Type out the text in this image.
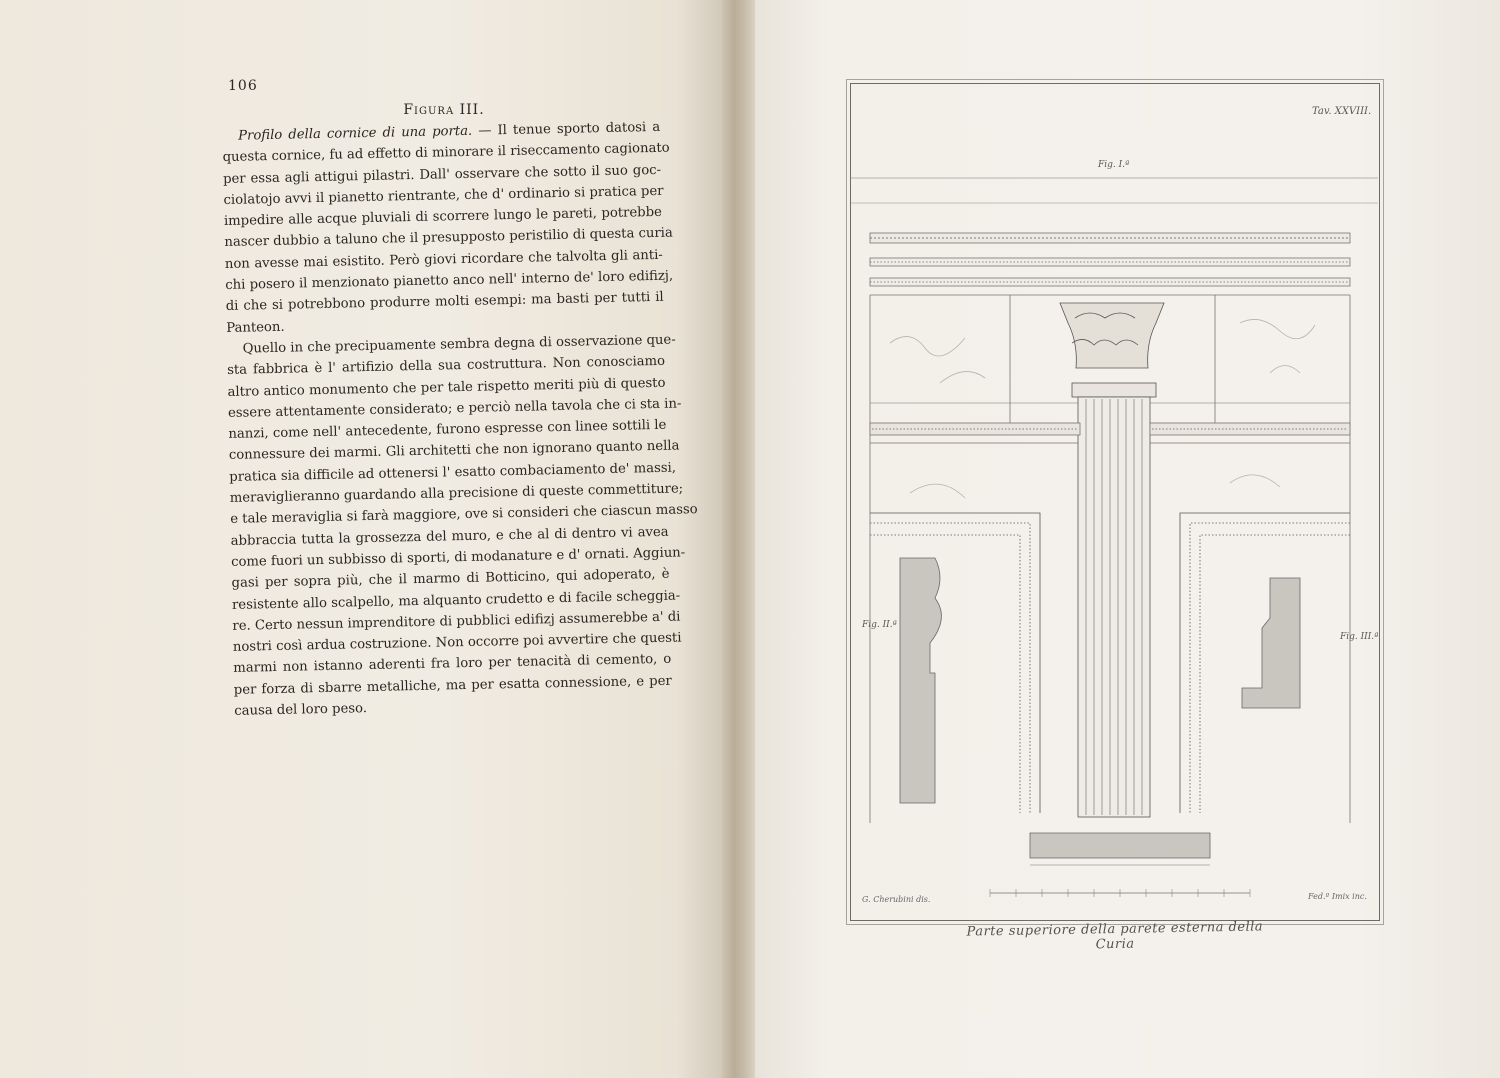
106
Figura III.
Profilo della cornice di una porta. — Il tenue sporto datosi a
questa cornice, fu ad effetto di minorare il riseccamento cagionato
per essa agli attigui pilastri. Dall' osservare che sotto il suo goc-
ciolatojo avvi il pianetto rientrante, che d' ordinario si pratica per
impedire alle acque pluviali di scorrere lungo le pareti, potrebbe
nascer dubbio a taluno che il presupposto peristilio di questa curia
non avesse mai esistito. Però giovi ricordare che talvolta gli anti-
chi posero il menzionato pianetto anco nell' interno de' loro edifizj,
di che si potrebbono produrre molti esempi: ma basti per tutti il
Panteon.
Quello in che precipuamente sembra degna di osservazione que-
sta fabbrica è l' artifizio della sua costruttura. Non conosciamo
altro antico monumento che per tale rispetto meriti più di questo
essere attentamente considerato; e perciò nella tavola che ci sta in-
nanzi, come nell' antecedente, furono espresse con linee sottili le
connessure dei marmi. Gli architetti che non ignorano quanto nella
pratica sia difficile ad ottenersi l' esatto combaciamento de' massi,
meraviglieranno guardando alla precisione di queste commettiture;
e tale meraviglia si farà maggiore, ove si consideri che ciascun masso
abbraccia tutta la grossezza del muro, e che al di dentro vi avea
come fuori un subbisso di sporti, di modanature e d' ornati. Aggiun-
gasi per sopra più, che il marmo di Botticino, qui adoperato, è
resistente allo scalpello, ma alquanto crudetto e di facile scheggia-
re. Certo nessun imprenditore di pubblici edifizj assumerebbe a' di
nostri così ardua costruzione. Non occorre poi avvertire che questi
marmi non istanno aderenti fra loro per tenacità di cemento, o
per forza di sbarre metalliche, ma per esatta connessione, e per
causa del loro peso.
Tav. XXVIII.
Fig. I.ª
Fig. II.ª
Fig. III.ª
G. Cherubini dis.	Fed.º Imix inc.
Parte superiore della parete esterna della Curia
